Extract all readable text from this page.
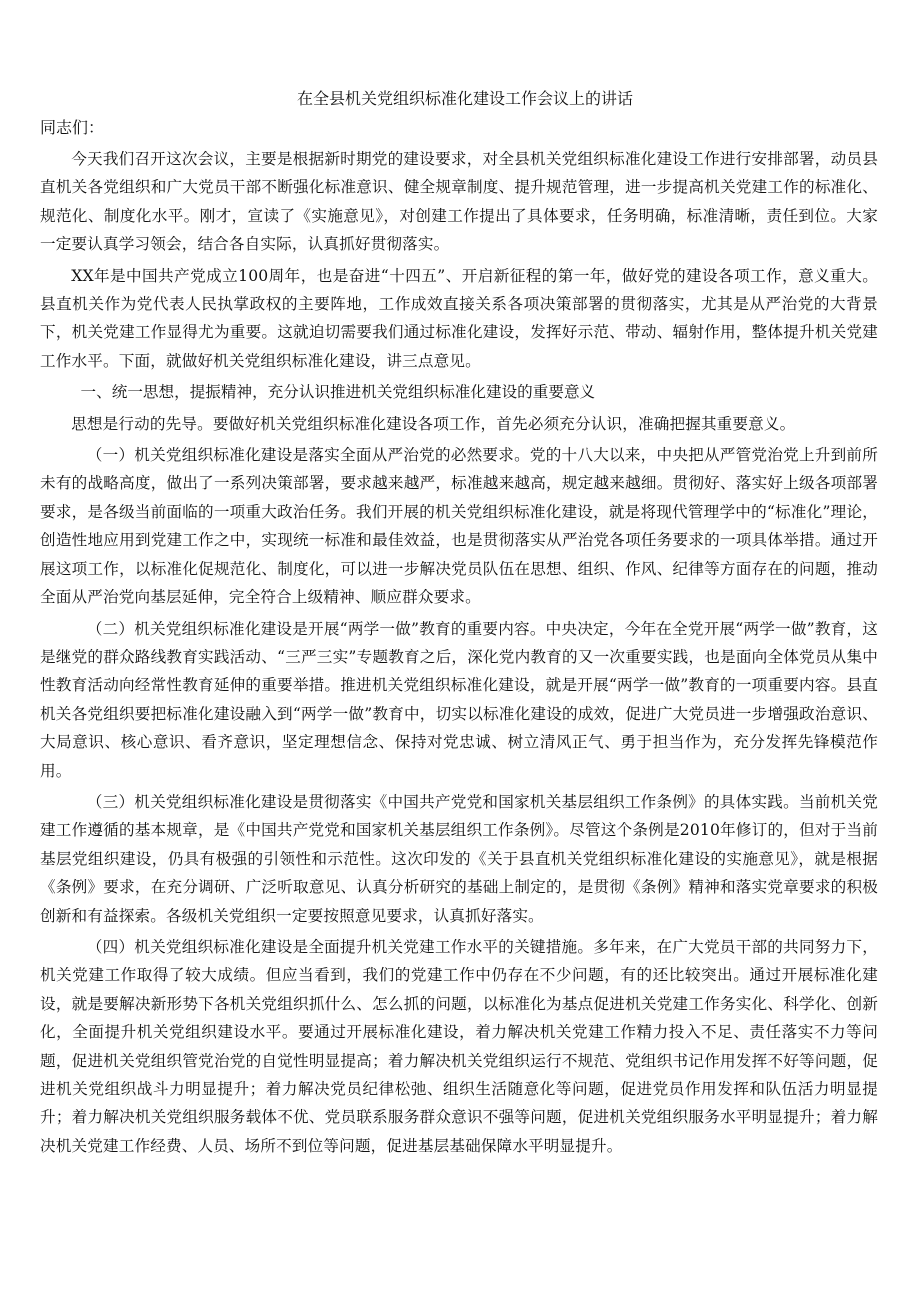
在全县机关党组织标准化建设工作会议上的讲话

同志们：

今天我们召开这次会议，主要是根据新时期党的建设要求，对全县机关党组织标准化建设工作进行安排部署，动员县直机关各党组织和广大党员干部不断强化标准意识、健全规章制度、提升规范管理，进一步提高机关党建工作的标准化、规范化、制度化水平。刚才，宣读了《实施意见》，对创建工作提出了具体要求，任务明确，标准清晰，责任到位。大家一定要认真学习领会，结合各自实际，认真抓好贯彻落实。

XX年是中国共产党成立100周年，也是奋进“十四五”、开启新征程的第一年，做好党的建设各项工作，意义重大。县直机关作为党代表人民执掌政权的主要阵地，工作成效直接关系各项决策部署的贯彻落实，尤其是从严治党的大背景下，机关党建工作显得尤为重要。这就迫切需要我们通过标准化建设，发挥好示范、带动、辐射作用，整体提升机关党建工作水平。下面，就做好机关党组织标准化建设，讲三点意见。

一、统一思想，提振精神，充分认识推进机关党组织标准化建设的重要意义

思想是行动的先导。要做好机关党组织标准化建设各项工作，首先必须充分认识，准确把握其重要意义。

（一）机关党组织标准化建设是落实全面从严治党的必然要求。党的十八大以来，中央把从严管党治党上升到前所未有的战略高度，做出了一系列决策部署，要求越来越严，标准越来越高，规定越来越细。贯彻好、落实好上级各项部署要求，是各级当前面临的一项重大政治任务。我们开展的机关党组织标准化建设，就是将现代管理学中的“标准化”理论，创造性地应用到党建工作之中，实现统一标准和最佳效益，也是贯彻落实从严治党各项任务要求的一项具体举措。通过开展这项工作，以标准化促规范化、制度化，可以进一步解决党员队伍在思想、组织、作风、纪律等方面存在的问题，推动全面从严治党向基层延伸，完全符合上级精神、顺应群众要求。

（二）机关党组织标准化建设是开展“两学一做”教育的重要内容。中央决定，今年在全党开展“两学一做”教育，这是继党的群众路线教育实践活动、“三严三实”专题教育之后，深化党内教育的又一次重要实践，也是面向全体党员从集中性教育活动向经常性教育延伸的重要举措。推进机关党组织标准化建设，就是开展“两学一做”教育的一项重要内容。县直机关各党组织要把标准化建设融入到“两学一做”教育中，切实以标准化建设的成效，促进广大党员进一步增强政治意识、大局意识、核心意识、看齐意识，坚定理想信念、保持对党忠诚、树立清风正气、勇于担当作为，充分发挥先锋模范作用。

（三）机关党组织标准化建设是贯彻落实《中国共产党党和国家机关基层组织工作条例》的具体实践。当前机关党建工作遵循的基本规章，是《中国共产党党和国家机关基层组织工作条例》。尽管这个条例是2010年修订的，但对于当前基层党组织建设，仍具有极强的引领性和示范性。这次印发的《关于县直机关党组织标准化建设的实施意见》，就是根据《条例》要求，在充分调研、广泛听取意见、认真分析研究的基础上制定的，是贯彻《条例》精神和落实党章要求的积极创新和有益探索。各级机关党组织一定要按照意见要求，认真抓好落实。

（四）机关党组织标准化建设是全面提升机关党建工作水平的关键措施。多年来，在广大党员干部的共同努力下，机关党建工作取得了较大成绩。但应当看到，我们的党建工作中仍存在不少问题，有的还比较突出。通过开展标准化建设，就是要解决新形势下各机关党组织抓什么、怎么抓的问题，以标准化为基点促进机关党建工作务实化、科学化、创新化，全面提升机关党组织建设水平。要通过开展标准化建设，着力解决机关党建工作精力投入不足、责任落实不力等问题，促进机关党组织管党治党的自觉性明显提高；着力解决机关党组织运行不规范、党组织书记作用发挥不好等问题，促进机关党组织战斗力明显提升；着力解决党员纪律松弛、组织生活随意化等问题，促进党员作用发挥和队伍活力明显提升；着力解决机关党组织服务载体不优、党员联系服务群众意识不强等问题，促进机关党组织服务水平明显提升；着力解决机关党建工作经费、人员、场所不到位等问题，促进基层基础保障水平明显提升。
